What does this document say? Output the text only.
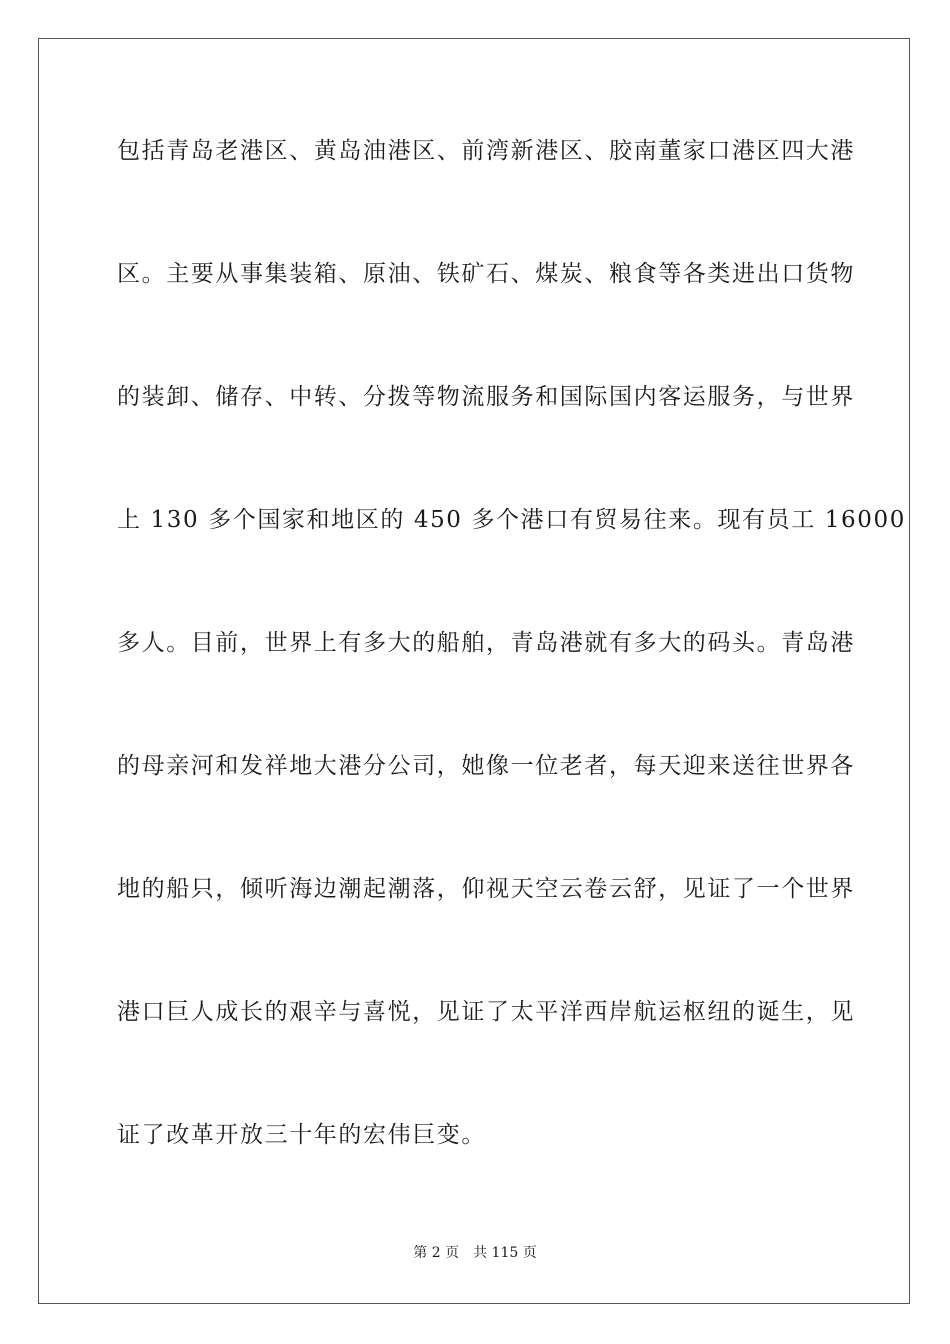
包括青岛老港区、黄岛油港区、前湾新港区、胶南董家口港区四大港
区。主要从事集装箱、原油、铁矿石、煤炭、粮食等各类进出口货物
的装卸、储存、中转、分拨等物流服务和国际国内客运服务，与世界
上 130 多个国家和地区的 450 多个港口有贸易往来。现有员工 16000
多人。目前，世界上有多大的船舶，青岛港就有多大的码头。青岛港
的母亲河和发祥地大港分公司，她像一位老者，每天迎来送往世界各
地的船只，倾听海边潮起潮落，仰视天空云卷云舒，见证了一个世界
港口巨人成长的艰辛与喜悦，见证了太平洋西岸航运枢纽的诞生，见
证了改革开放三十年的宏伟巨变。
第 2 页 共 115 页
